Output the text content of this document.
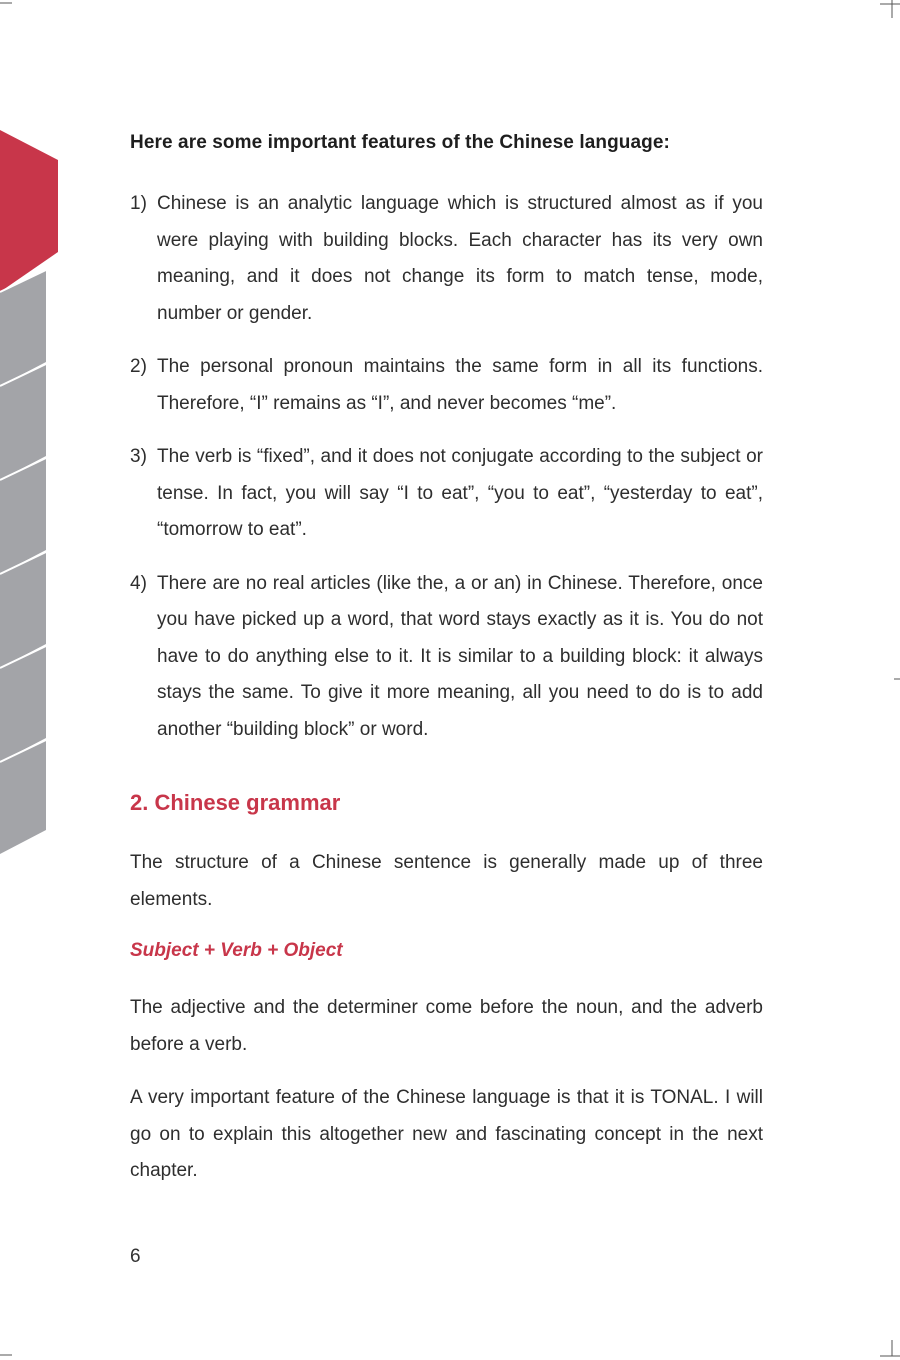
Here are some important features of the Chinese language:
1) Chinese is an analytic language which is structured almost as if you were playing with building blocks. Each character has its very own meaning, and it does not change its form to match tense, mode, number or gender.
2) The personal pronoun maintains the same form in all its functions. Therefore, “I” remains as “I”, and never becomes “me”.
3) The verb is “fixed”, and it does not conjugate according to the subject or tense. In fact, you will say “I to eat”, “you to eat”, “yesterday to eat”, “tomorrow to eat”.
4) There are no real articles (like the, a or an) in Chinese. Therefore, once you have picked up a word, that word stays exactly as it is. You do not have to do anything else to it. It is similar to a building block: it always stays the same. To give it more meaning, all you need to do is to add another “building block” or word.
2. Chinese grammar
The structure of a Chinese sentence is generally made up of three elements.
Subject + Verb + Object
The adjective and the determiner come before the noun, and the adverb before a verb.
A very important feature of the Chinese language is that it is TONAL. I will go on to explain this altogether new and fascinating concept in the next chapter.
6
